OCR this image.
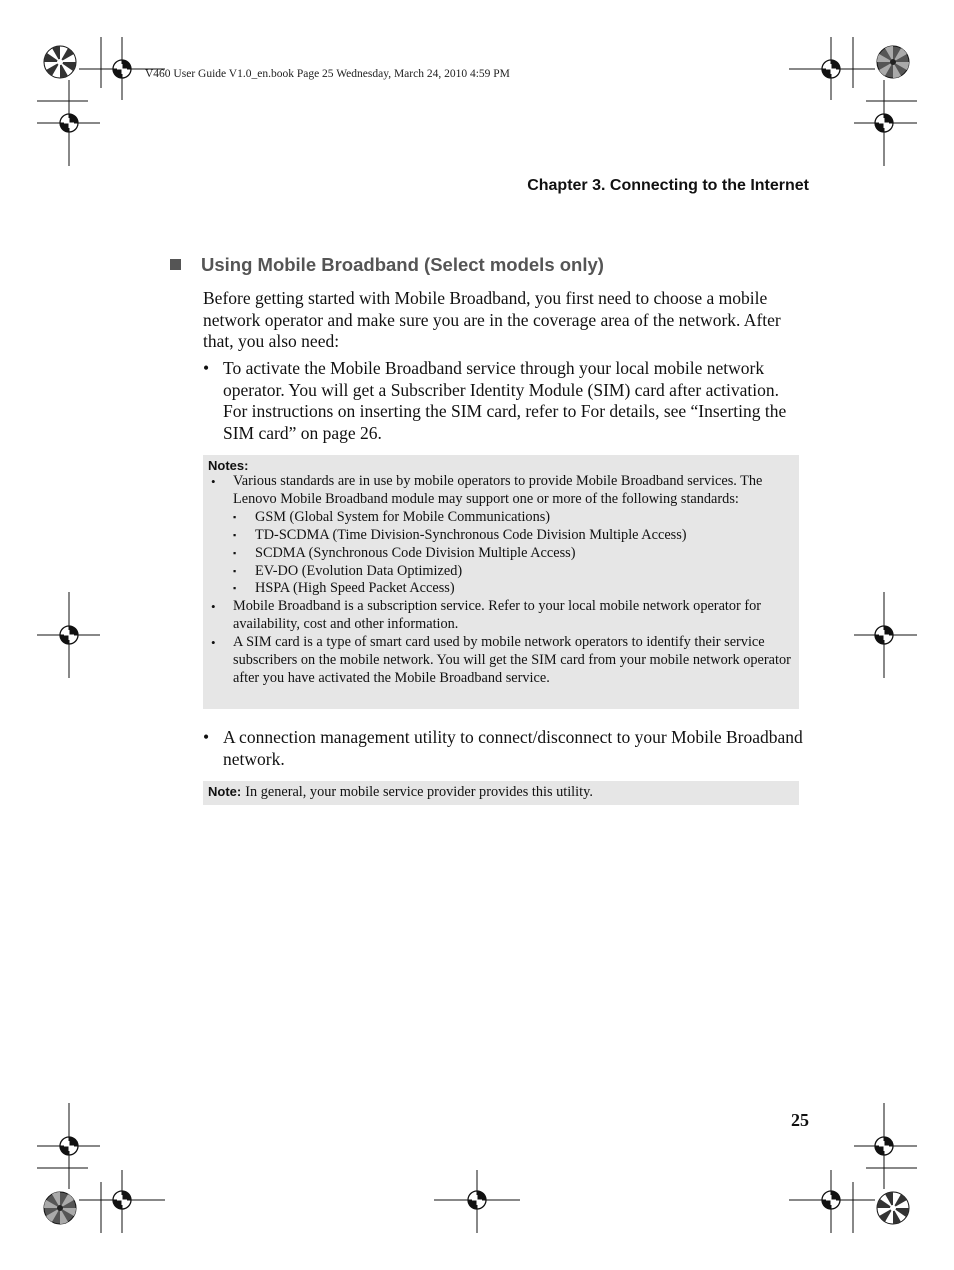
V460 User Guide V1.0_en.book Page 25 Wednesday, March 24, 2010 4:59 PM
Chapter 3. Connecting to the Internet
Using Mobile Broadband (Select models only)
Before getting started with Mobile Broadband, you first need to choose a mobile network operator and make sure you are in the coverage area of the network. After that, you also need:
• To activate the Mobile Broadband service through your local mobile network operator. You will get a Subscriber Identity Module (SIM) card after activation. For instructions on inserting the SIM card, refer to For details, see “Inserting the SIM card” on page 26.
Notes:
• Various standards are in use by mobile operators to provide Mobile Broadband services. The Lenovo Mobile Broadband module may support one or more of the following standards:
▪ GSM (Global System for Mobile Communications)
▪ TD-SCDMA (Time Division-Synchronous Code Division Multiple Access)
▪ SCDMA (Synchronous Code Division Multiple Access)
▪ EV-DO (Evolution Data Optimized)
▪ HSPA (High Speed Packet Access)
• Mobile Broadband is a subscription service. Refer to your local mobile network operator for availability, cost and other information.
• A SIM card is a type of smart card used by mobile network operators to identify their service subscribers on the mobile network. You will get the SIM card from your mobile network operator after you have activated the Mobile Broadband service.
• A connection management utility to connect/disconnect to your Mobile Broadband network.
Note: In general, your mobile service provider provides this utility.
25
